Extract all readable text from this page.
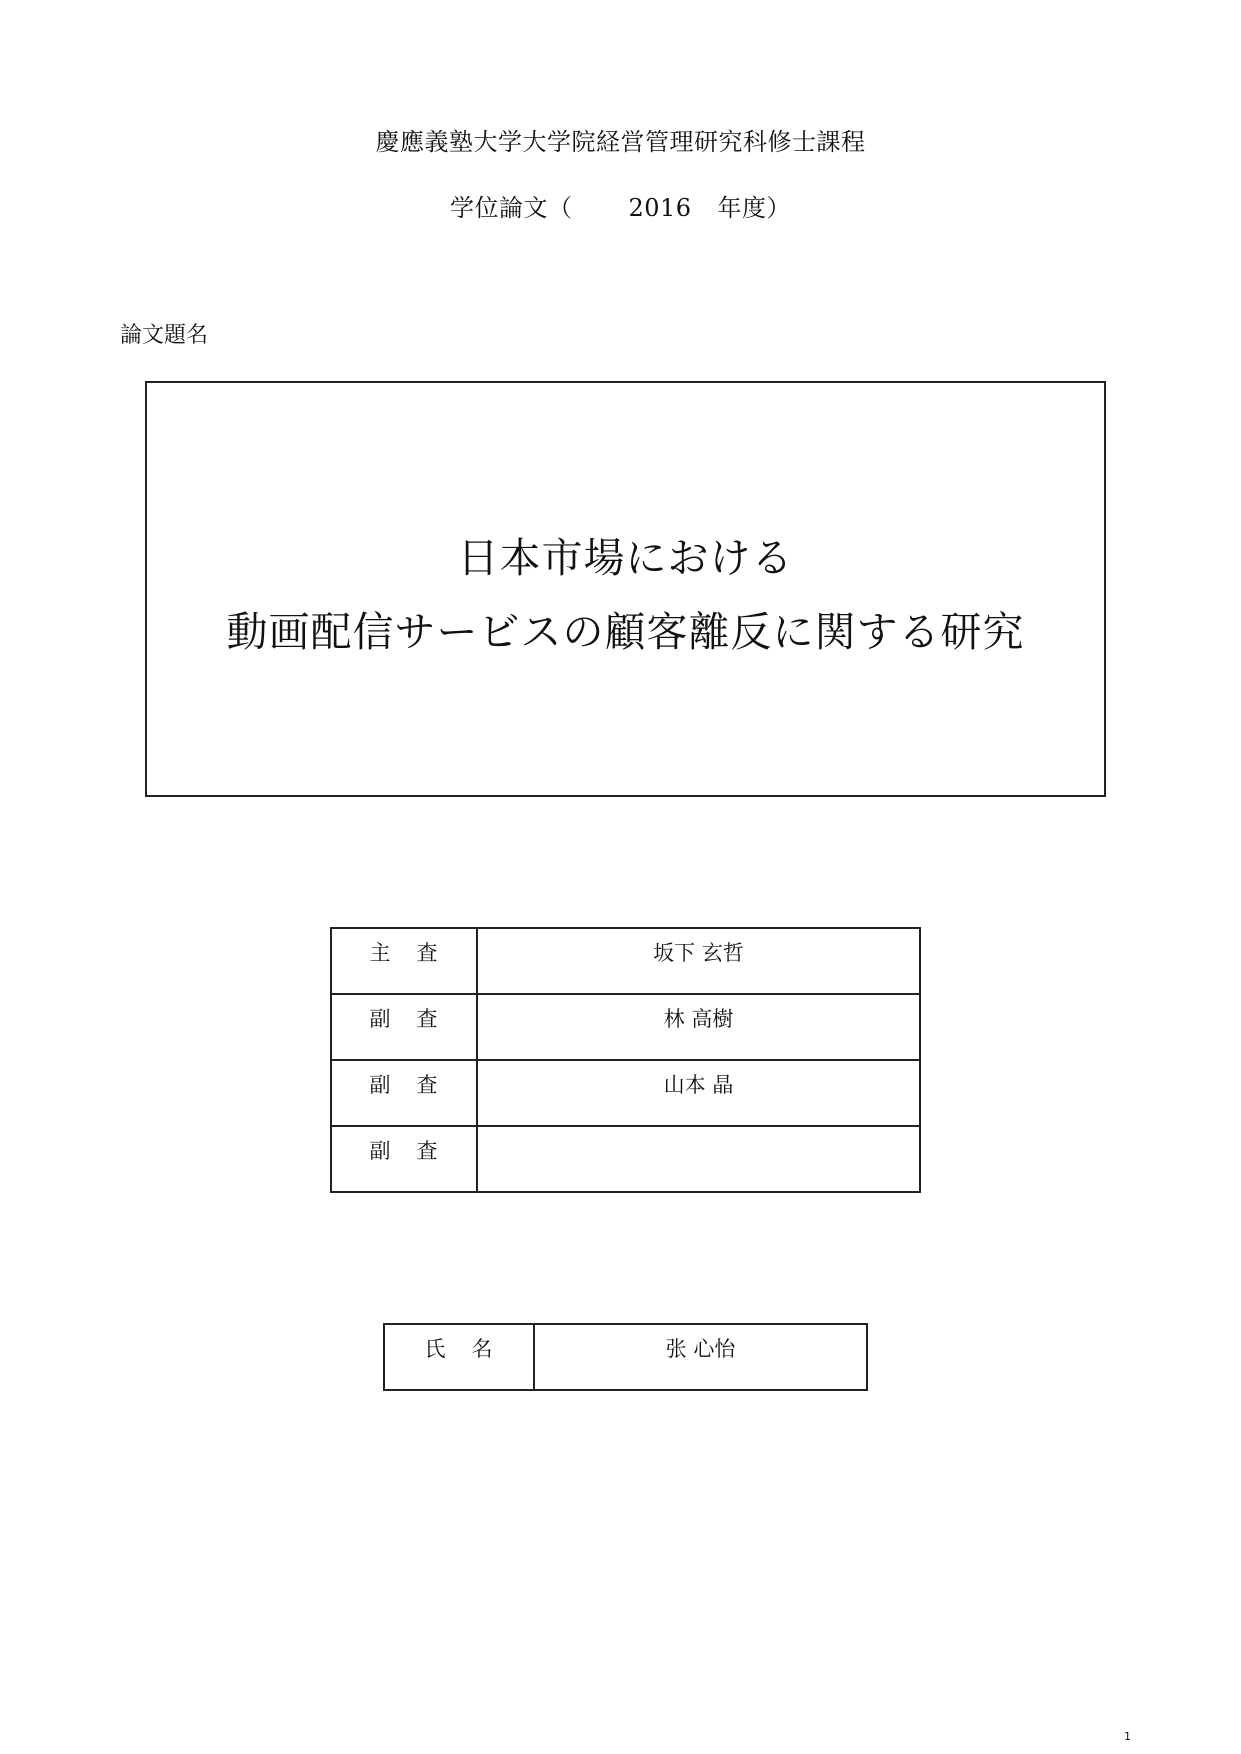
慶應義塾大学大学院経営管理研究科修士課程
学位論文（ 2016 年度）
論文題名
日本市場における
動画配信サービスの顧客離反に関する研究
主査	坂下 玄哲
副査	林 高樹
副査	山本 晶
副査	
氏名	张 心怡
1
